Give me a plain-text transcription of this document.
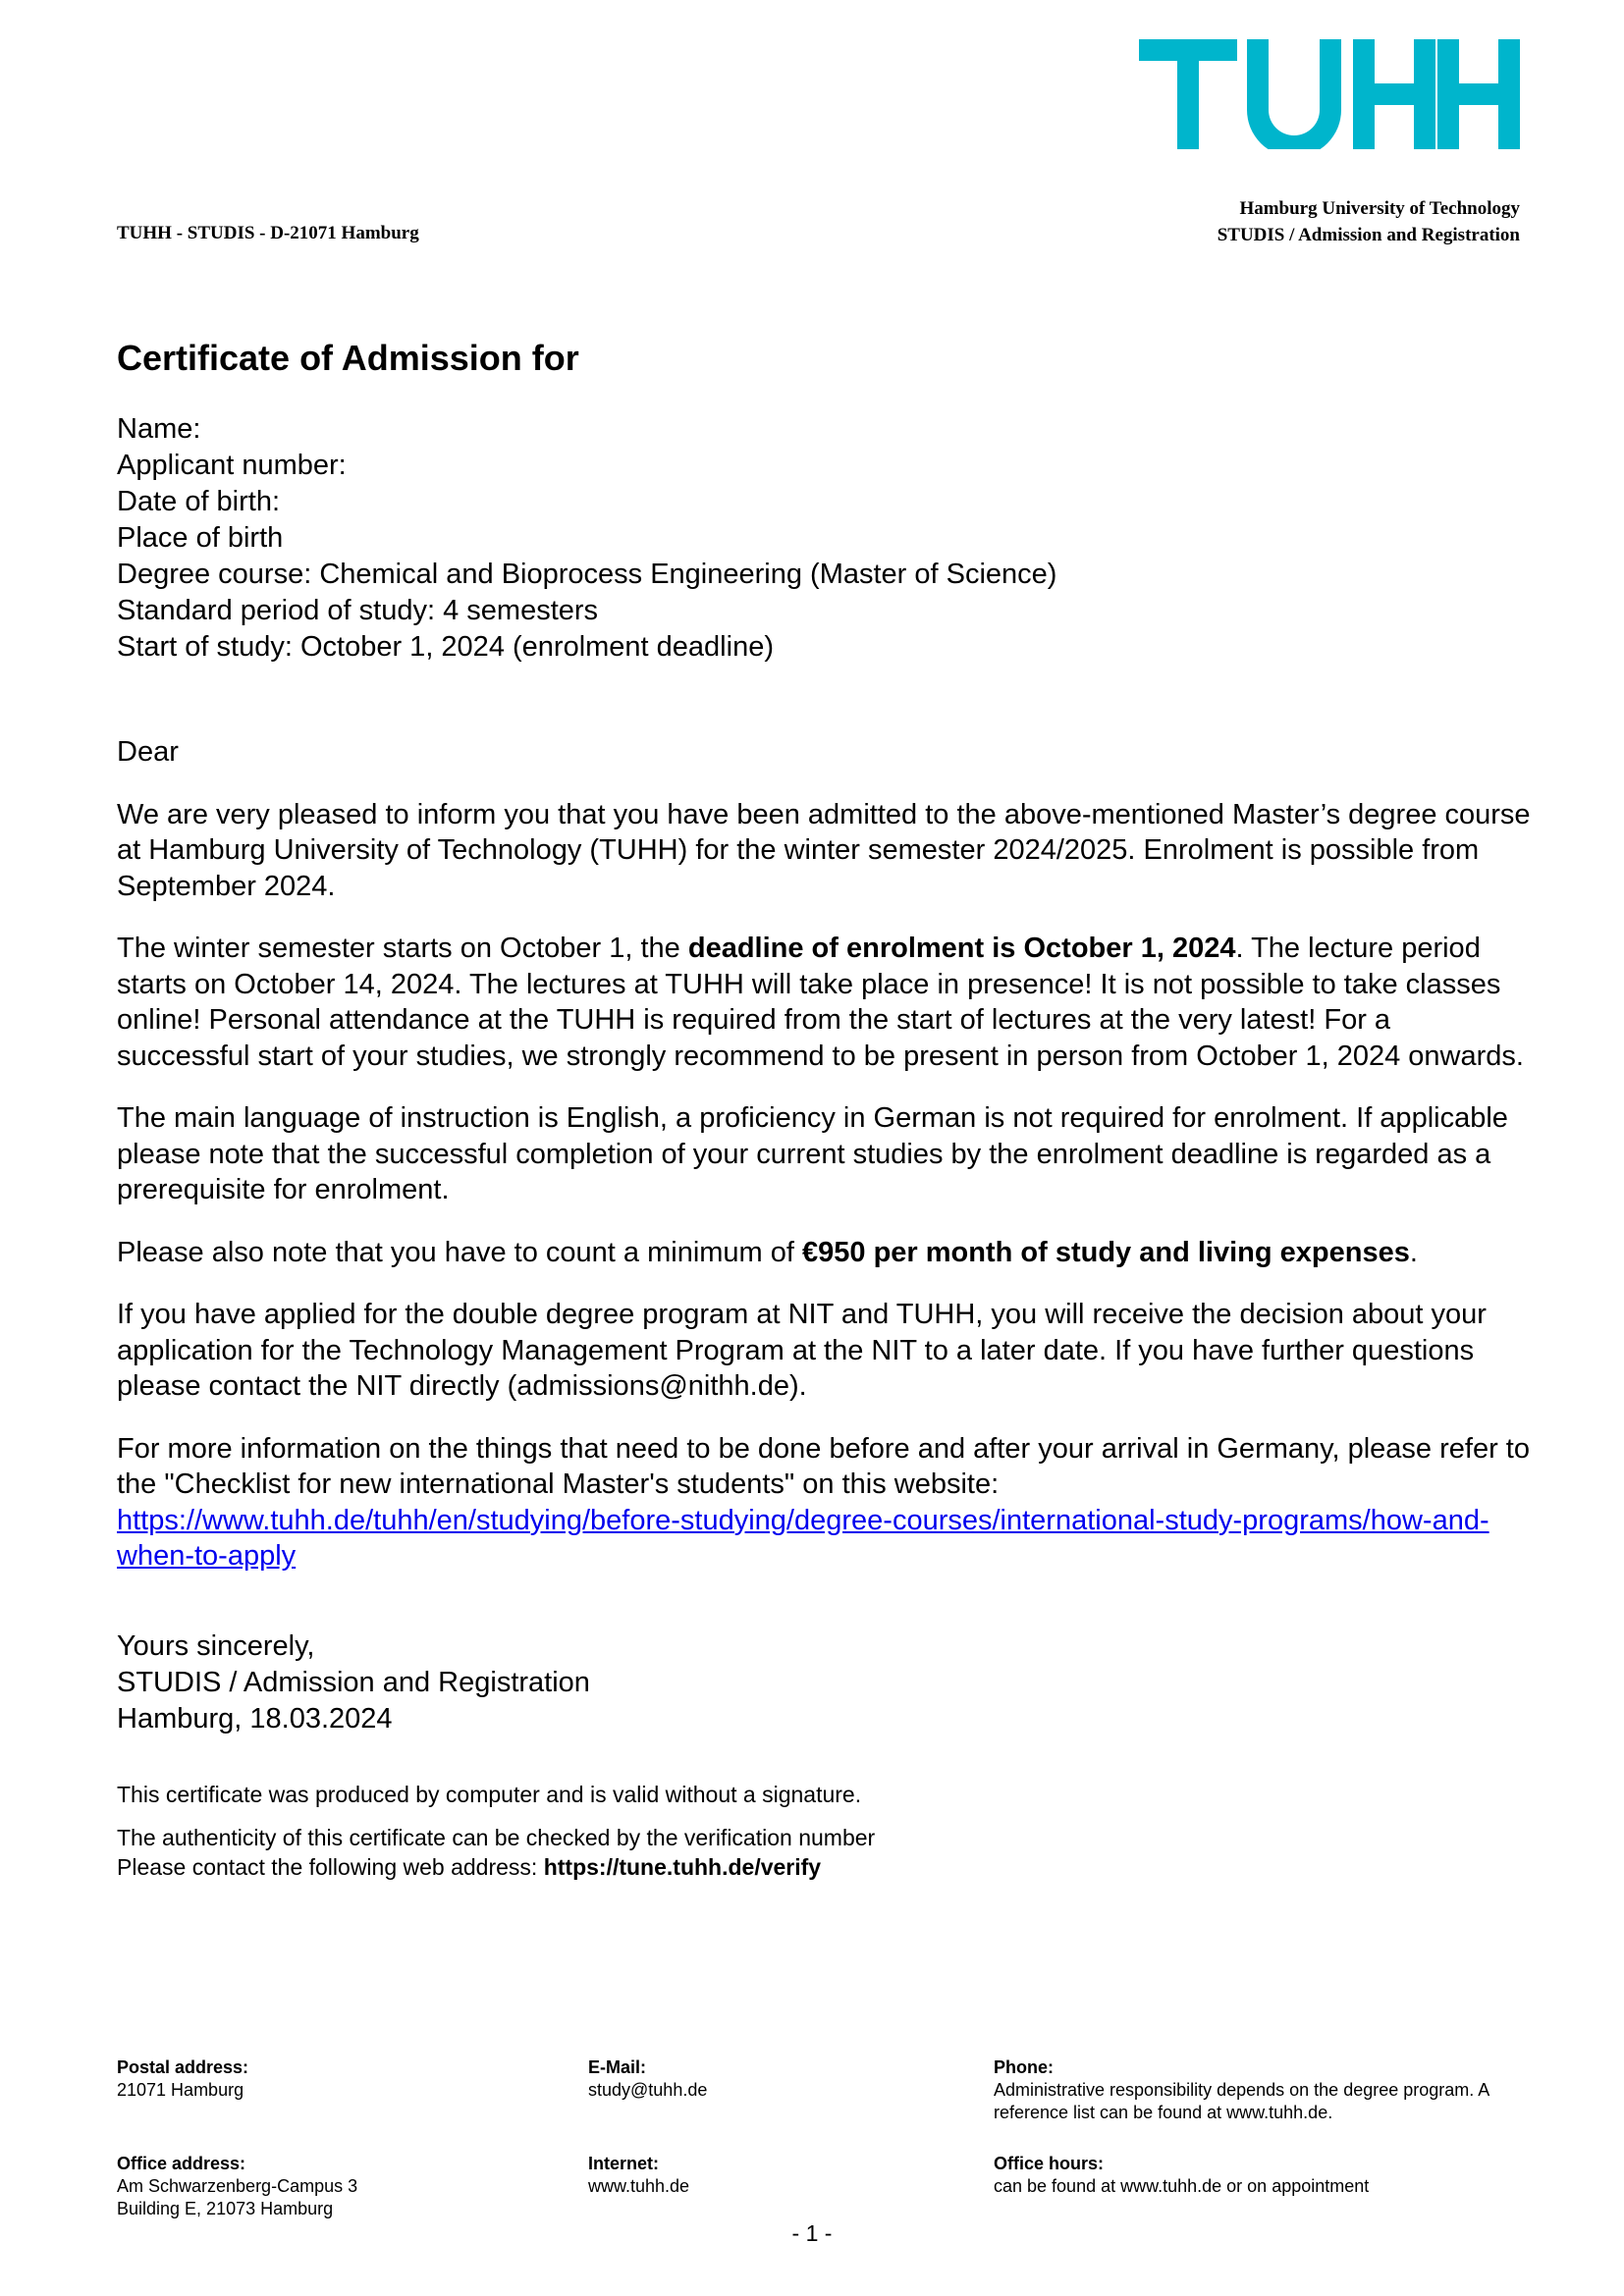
TUHH - STUDIS - D-21071 Hamburg
Hamburg University of Technology
STUDIS / Admission and Registration
Certificate of Admission for
Name:
Applicant number:
Date of birth:
Place of birth
Degree course: Chemical and Bioprocess Engineering (Master of Science)
Standard period of study: 4 semesters
Start of study: October 1, 2024 (enrolment deadline)

Dear

We are very pleased to inform you that you have been admitted to the above-mentioned Master’s degree course at Hamburg University of Technology (TUHH) for the winter semester 2024/2025. Enrolment is possible from September 2024.

The winter semester starts on October 1, the deadline of enrolment is October 1, 2024. The lecture period starts on October 14, 2024. The lectures at TUHH will take place in presence! It is not possible to take classes online! Personal attendance at the TUHH is required from the start of lectures at the very latest! For a successful start of your studies, we strongly recommend to be present in person from October 1, 2024 onwards.

The main language of instruction is English, a proficiency in German is not required for enrolment. If applicable please note that the successful completion of your current studies by the enrolment deadline is regarded as a prerequisite for enrolment.

Please also note that you have to count a minimum of €950 per month of study and living expenses.

If you have applied for the double degree program at NIT and TUHH, you will receive the decision about your application for the Technology Management Program at the NIT to a later date. If you have further questions please contact the NIT directly (admissions@nithh.de).

For more information on the things that need to be done before and after your arrival in Germany, please refer to the "Checklist for new international Master's students" on this website: https://www.tuhh.de/tuhh/en/studying/before-studying/degree-courses/international-study-programs/how-and-when-to-apply

Yours sincerely,
STUDIS / Admission and Registration
Hamburg, 18.03.2024

This certificate was produced by computer and is valid without a signature.

The authenticity of this certificate can be checked by the verification number
Please contact the following web address: https://tune.tuhh.de/verify

Postal address:
21071 Hamburg
E-Mail:
study@tuhh.de
Phone:
Administrative responsibility depends on the degree program. A reference list can be found at www.tuhh.de.
Office address:
Am Schwarzenberg-Campus 3
Building E, 21073 Hamburg
Internet:
www.tuhh.de
Office hours:
can be found at www.tuhh.de or on appointment
- 1 -
